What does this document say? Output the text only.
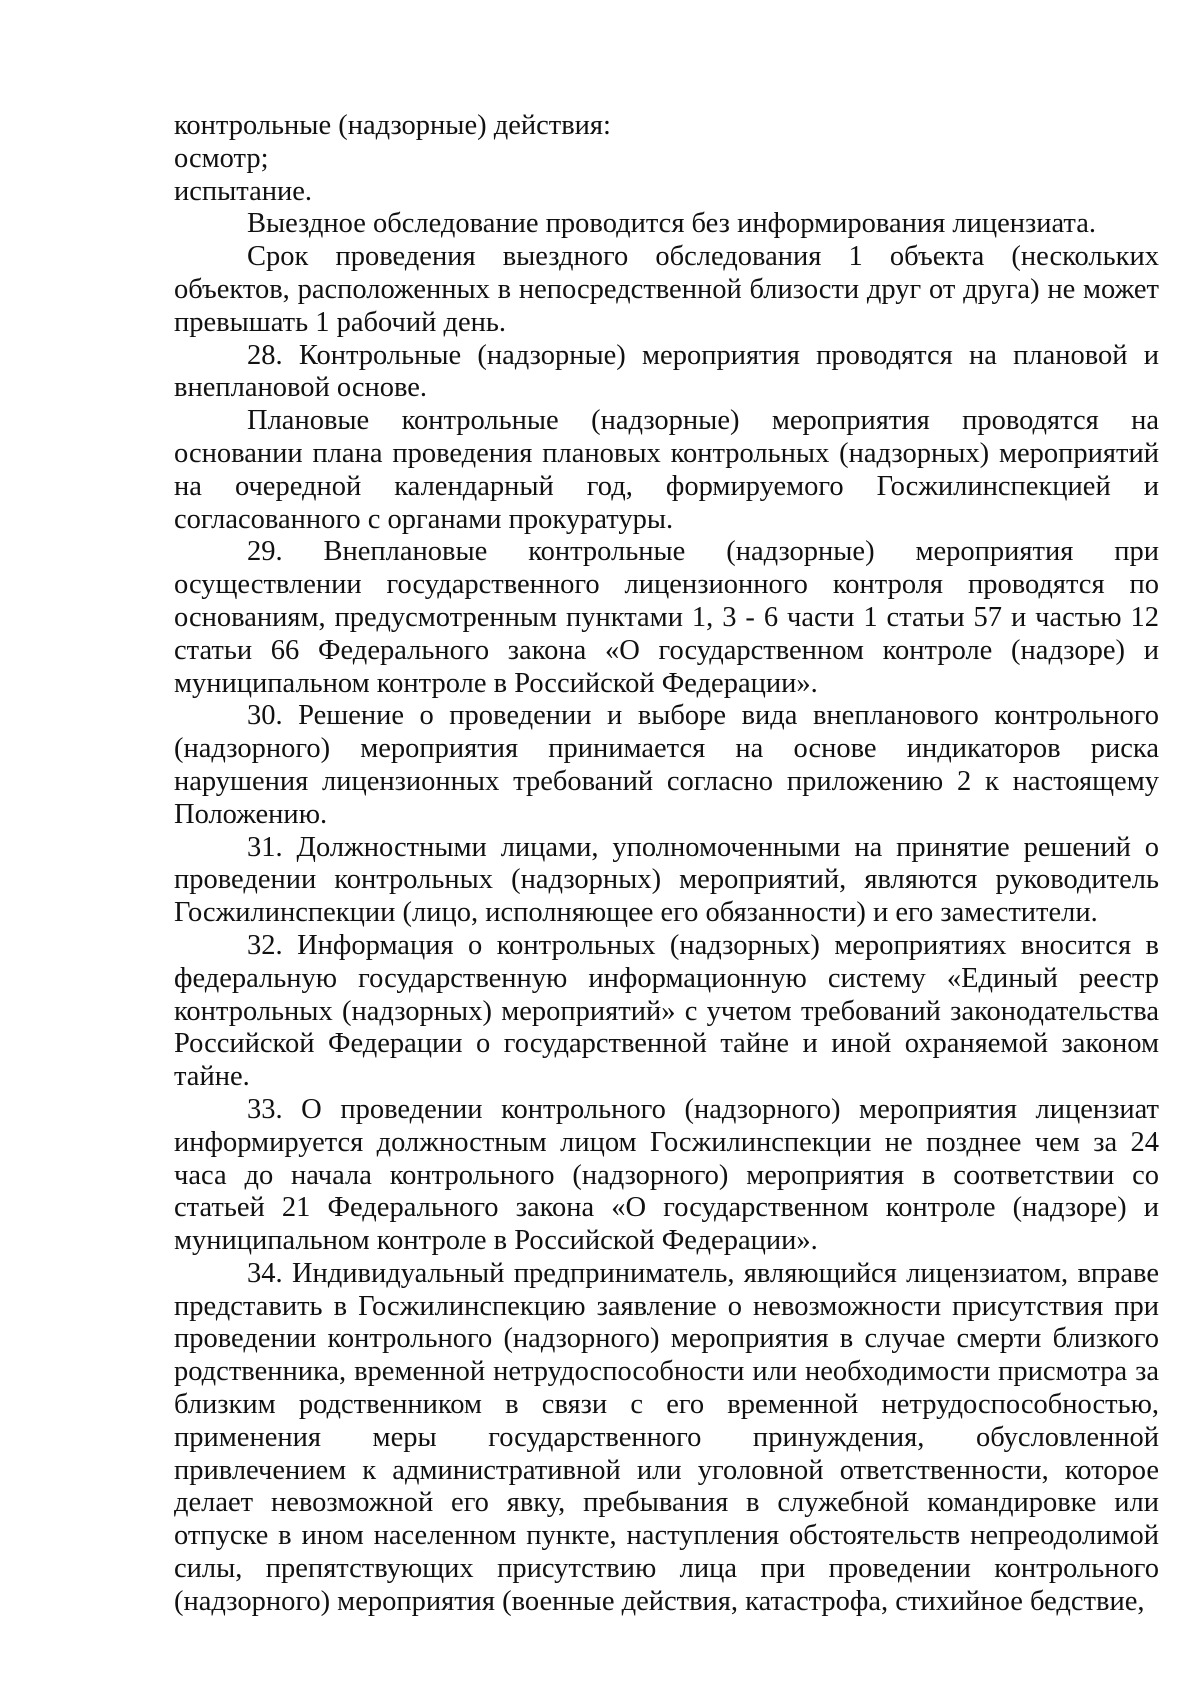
контрольные (надзорные) действия:

осмотр;

испытание.

Выездное обследование проводится без информирования лицензиата.

Срок проведения выездного обследования 1 объекта (нескольких объектов, расположенных в непосредственной близости друг от друга) не может превышать 1 рабочий день.

28. Контрольные (надзорные) мероприятия проводятся на плановой и внеплановой основе.

Плановые контрольные (надзорные) мероприятия проводятся на основании плана проведения плановых контрольных (надзорных) мероприятий на очередной календарный год, формируемого Госжилинспекцией и согласованного с органами прокуратуры.

29. Внеплановые контрольные (надзорные) мероприятия при осуществлении государственного лицензионного контроля проводятся по основаниям, предусмотренным пунктами 1, 3 - 6 части 1 статьи 57 и частью 12 статьи 66 Федерального закона «О государственном контроле (надзоре) и муниципальном контроле в Российской Федерации».

30. Решение о проведении и выборе вида внепланового контрольного (надзорного) мероприятия принимается на основе индикаторов риска нарушения лицензионных требований согласно приложению 2 к настоящему Положению.

31. Должностными лицами, уполномоченными на принятие решений о проведении контрольных (надзорных) мероприятий, являются руководитель Госжилинспекции (лицо, исполняющее его обязанности) и его заместители.

32. Информация о контрольных (надзорных) мероприятиях вносится в федеральную государственную информационную систему «Единый реестр контрольных (надзорных) мероприятий» с учетом требований законодательства Российской Федерации о государственной тайне и иной охраняемой законом тайне.

33. О проведении контрольного (надзорного) мероприятия лицензиат информируется должностным лицом Госжилинспекции не позднее чем за 24 часа до начала контрольного (надзорного) мероприятия в соответствии со статьей 21 Федерального закона «О государственном контроле (надзоре) и муниципальном контроле в Российской Федерации».

34. Индивидуальный предприниматель, являющийся лицензиатом, вправе представить в Госжилинспекцию заявление о невозможности присутствия при проведении контрольного (надзорного) мероприятия в случае смерти близкого родственника, временной нетрудоспособности или необходимости присмотра за близким родственником в связи с его временной нетрудоспособностью, применения меры государственного принуждения, обусловленной привлечением к административной или уголовной ответственности, которое делает невозможной его явку, пребывания в служебной командировке или отпуске в ином населенном пункте, наступления обстоятельств непреодолимой силы, препятствующих присутствию лица при проведении контрольного (надзорного) мероприятия (военные действия, катастрофа, стихийное бедствие,
